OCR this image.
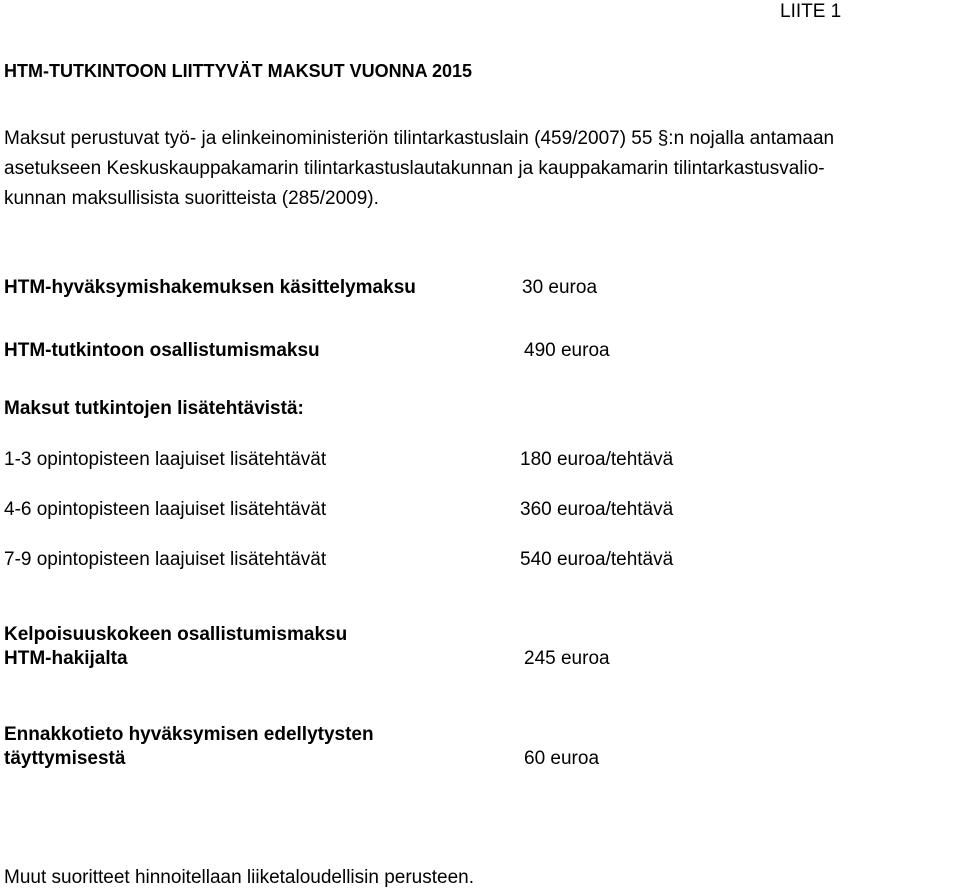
LIITE 1
HTM-TUTKINTOON LIITTYVÄT MAKSUT VUONNA 2015
Maksut perustuvat työ- ja elinkeinoministeriön tilintarkastuslain (459/2007) 55 §:n nojalla antamaan
asetukseen Keskuskauppakamarin tilintarkastuslautakunnan ja kauppakamarin tilintarkastusvalio-
kunnan maksullisista suoritteista (285/2009).
HTM-hyväksymishakemuksen käsittelymaksu	30 euroa
HTM-tutkintoon osallistumismaksu	490 euroa
Maksut tutkintojen lisätehtävistä:
1-3 opintopisteen laajuiset lisätehtävät	180 euroa/tehtävä
4-6 opintopisteen laajuiset lisätehtävät	360 euroa/tehtävä
7-9 opintopisteen laajuiset lisätehtävät	540 euroa/tehtävä
Kelpoisuuskokeen osallistumismaksu
HTM-hakijalta	245 euroa
Ennakkotieto hyväksymisen edellytysten
täyttymisestä	60 euroa
Muut suoritteet hinnoitellaan liiketaloudellisin perusteen.
